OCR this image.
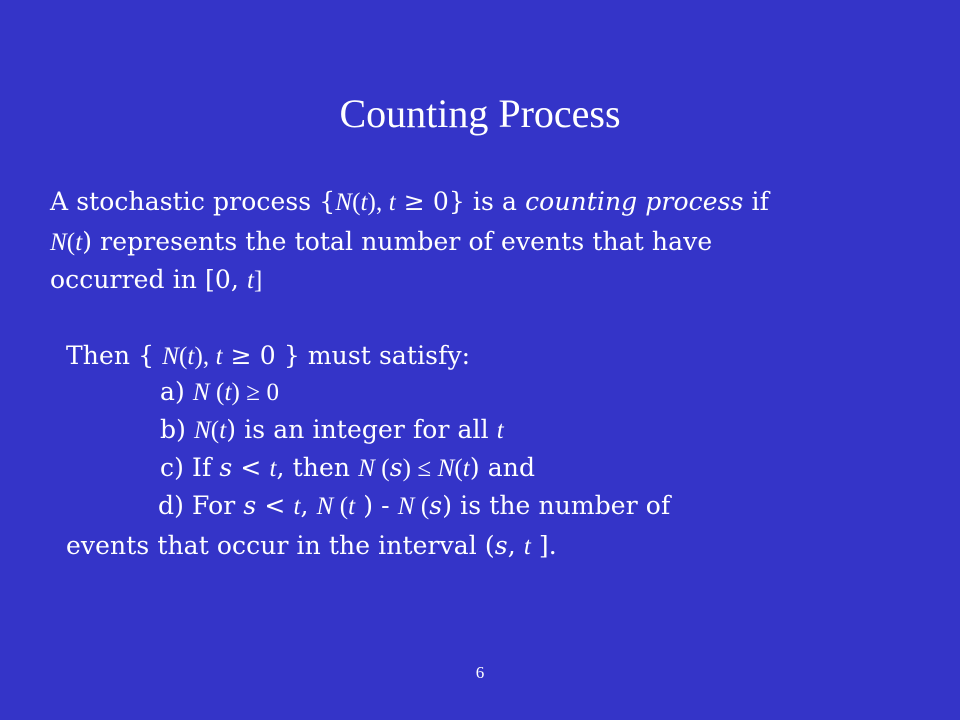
Counting Process
A stochastic process {N(t), t ≥ 0} is a counting process if
N(t) represents the total number of events that have
occurred in [0, t]
Then { N(t), t ≥ 0 } must satisfy:
a) N (t) ≥ 0
b) N(t) is an integer for all t
c) If s < t, then N (s) ≤ N(t) and
d) For s < t, N (t ) - N (s) is the number of
events that occur in the interval (s, t ].
6
